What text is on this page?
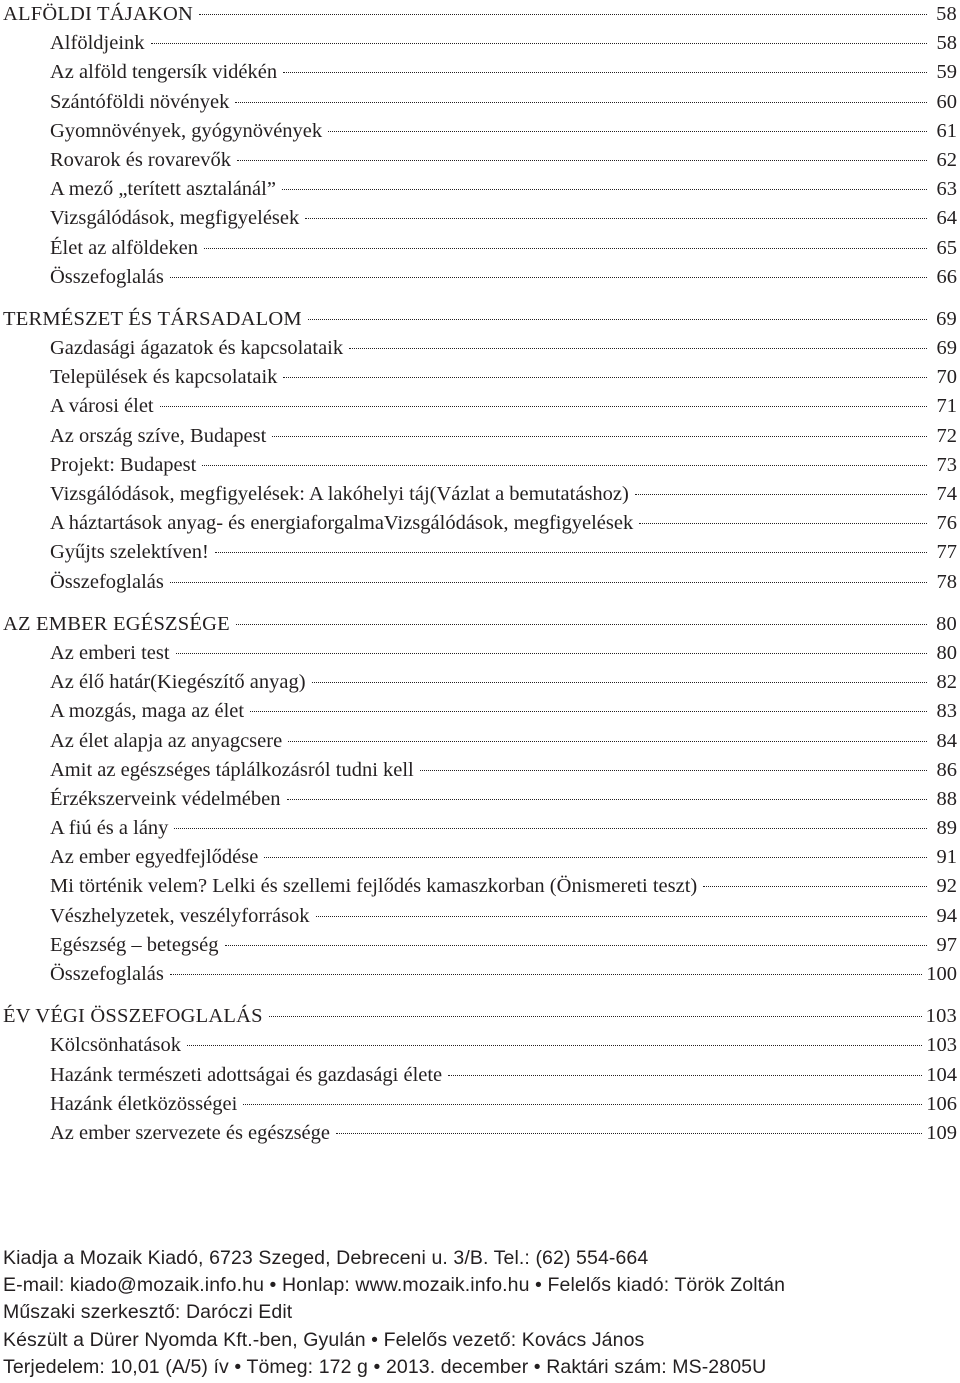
ALFÖLDI TÁJAKON	58
Alföldjeink	58
Az alföld tengersík vidékén	59
Szántóföldi növények	60
Gyomnövények, gyógynövények	61
Rovarok és rovarevők	62
A mező „terített asztalánál”	63
Vizsgálódások, megfigyelések	64
Élet az alföldeken	65
Összefoglalás	66
TERMÉSZET ÉS TÁRSADALOM	69
Gazdasági ágazatok és kapcsolataik	69
Települések és kapcsolataik	70
A városi élet	71
Az ország szíve, Budapest	72
Projekt: Budapest	73
Vizsgálódások, megfigyelések: A lakóhelyi táj(Vázlat a bemutatáshoz)	74
A háztartások anyag- és energiaforgalmaVizsgálódások, megfigyelések	76
Gyűjts szelektíven!	77
Összefoglalás	78
AZ EMBER EGÉSZSÉGE	80
Az emberi test	80
Az élő határ(Kiegészítő anyag)	82
A mozgás, maga az élet	83
Az élet alapja az anyagcsere	84
Amit az egészséges táplálkozásról tudni kell	86
Érzékszerveink védelmében	88
A fiú és a lány	89
Az ember egyedfejlődése	91
Mi történik velem? Lelki és szellemi fejlődés kamaszkorban (Önismereti teszt)	92
Vészhelyzetek, veszélyforrások	94
Egészség – betegség	97
Összefoglalás	100
ÉV VÉGI ÖSSZEFOGLALÁS	103
Kölcsönhatások	103
Hazánk természeti adottságai és gazdasági élete	104
Hazánk életközösségei	106
Az ember szervezete és egészsége	109
Kiadja a Mozaik Kiadó, 6723 Szeged, Debreceni u. 3/B. Tel.: (62) 554-664
E-mail: kiado@mozaik.info.hu • Honlap: www.mozaik.info.hu • Felelős kiadó: Török Zoltán
Műszaki szerkesztő: Daróczi Edit
Készült a Dürer Nyomda Kft.-ben, Gyulán • Felelős vezető: Kovács János
Terjedelem: 10,01 (A/5) ív • Tömeg: 172 g • 2013. december • Raktári szám: MS-2805U
